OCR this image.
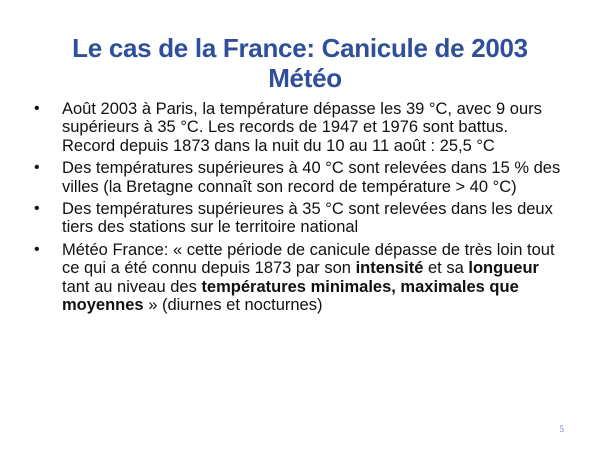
Le cas de la France: Canicule de 2003
Météo
• Août 2003 à Paris, la température dépasse les 39 °C, avec 9 ours supérieurs à 35 °C. Les records de 1947 et 1976 sont battus. Record depuis 1873 dans la nuit du 10 au 11 août : 25,5 °C
• Des températures supérieures à 40 °C sont relevées dans 15 % des villes (la Bretagne connaît son record de température > 40 °C)
• Des températures supérieures à 35 °C sont relevées dans les deux tiers des stations sur le territoire national
• Météo France: « cette période de canicule dépasse de très loin tout ce qui a été connu depuis 1873 par son intensité et sa longueur tant au niveau des températures minimales, maximales que moyennes » (diurnes et nocturnes)
5
